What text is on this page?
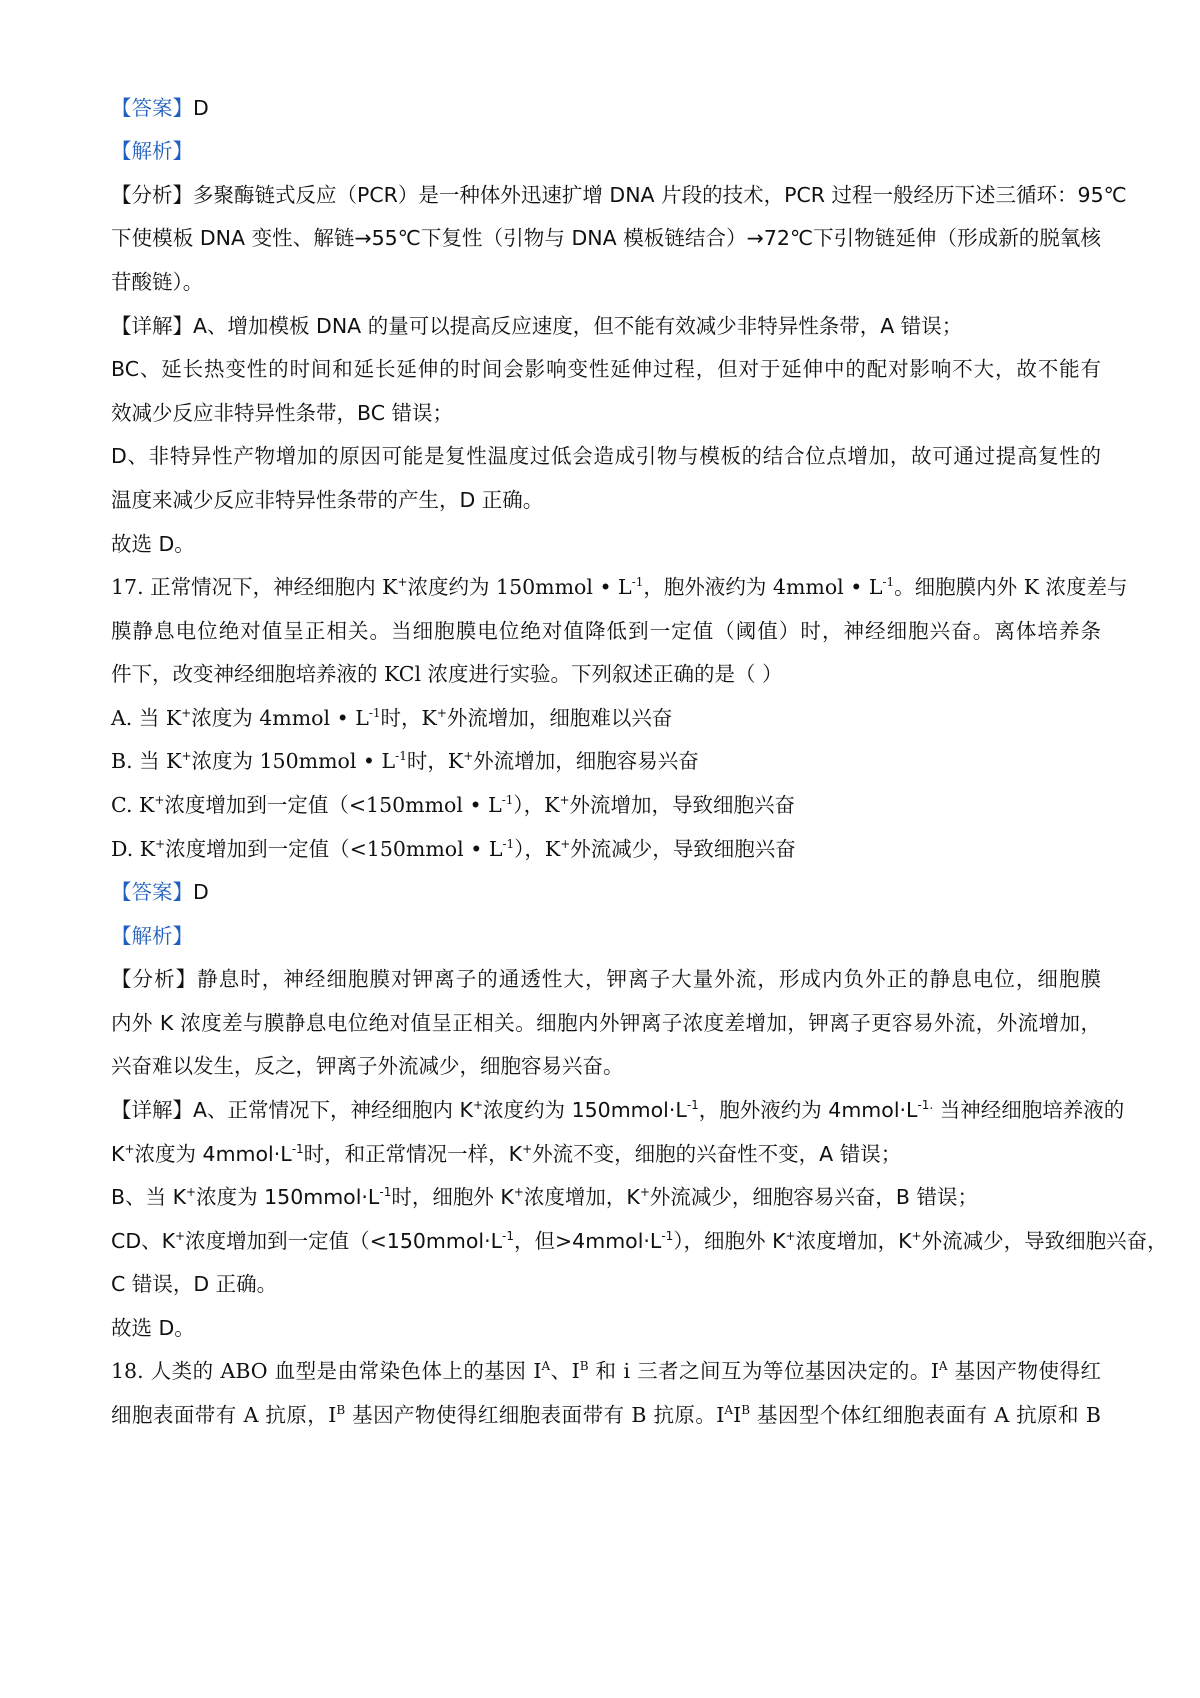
【答案】D
【解析】
【分析】多聚酶链式反应（PCR）是一种体外迅速扩增 DNA 片段的技术，PCR 过程一般经历下述三循环：95℃
下使模板 DNA 变性、解链→55℃下复性（引物与 DNA 模板链结合）→72℃下引物链延伸（形成新的脱氧核
苷酸链）。
【详解】A、增加模板 DNA 的量可以提高反应速度，但不能有效减少非特异性条带，A 错误；
BC、延长热变性的时间和延长延伸的时间会影响变性延伸过程，但对于延伸中的配对影响不大，故不能有
效减少反应非特异性条带，BC 错误；
D、非特异性产物增加的原因可能是复性温度过低会造成引物与模板的结合位点增加，故可通过提高复性的
温度来减少反应非特异性条带的产生，D 正确。
故选 D。
17. 正常情况下，神经细胞内 K+浓度约为 150mmol • $L^{-1}$，胞外液约为 4mmol • $L^{-1}$。细胞膜内外 K 浓度差与
膜静息电位绝对值呈正相关。当细胞膜电位绝对值降低到一定值（阈值）时，神经细胞兴奋。离体培养条
件下，改变神经细胞培养液的 KCl 浓度进行实验。下列叙述正确的是（ ）
A. 当 K+浓度为 4mmol • $L^{-1}$时，K+外流增加，细胞难以兴奋
B. 当 K+浓度为 150mmol • $L^{-1}$时，K+外流增加，细胞容易兴奋
C. K+浓度增加到一定值（<150mmol • $L^{-1}$），K+外流增加，导致细胞兴奋
D. K+浓度增加到一定值（<150mmol • $L^{-1}$），K+外流减少，导致细胞兴奋
【答案】D
【解析】
【分析】静息时，神经细胞膜对钾离子的通透性大，钾离子大量外流，形成内负外正的静息电位，细胞膜
内外 K 浓度差与膜静息电位绝对值呈正相关。细胞内外钾离子浓度差增加，钾离子更容易外流，外流增加，
兴奋难以发生，反之，钾离子外流减少，细胞容易兴奋。
【详解】A、正常情况下，神经细胞内 K+浓度约为 $150mmol\cdot L^{-1}$，胞外液约为 $4mmol\cdot L^{-1.}$ 当神经细胞培养液的
K+浓度为 $4mmol\cdot L^{-1}$时，和正常情况一样，K+外流不变，细胞的兴奋性不变，A 错误；
B、当 K+浓度为 $150mmol\cdot L^{-1}$时，细胞外 K+浓度增加，K+外流减少，细胞容易兴奋，B 错误；
CD、K+浓度增加到一定值（$<150mmol\cdot L^{-1}$，但$>4mmol\cdot L^{-1}$），细胞外 K+浓度增加，K+外流减少，导致细胞兴奋，
C 错误，D 正确。
故选 D。
18. 人类的 ABO 血型是由常染色体上的基因 $I^A$、$I^B$ 和 i 三者之间互为等位基因决定的。$I^A$ 基因产物使得红
细胞表面带有 A 抗原，$I^B$ 基因产物使得红细胞表面带有 B 抗原。$I^AI^B$ 基因型个体红细胞表面有 A 抗原和 B
